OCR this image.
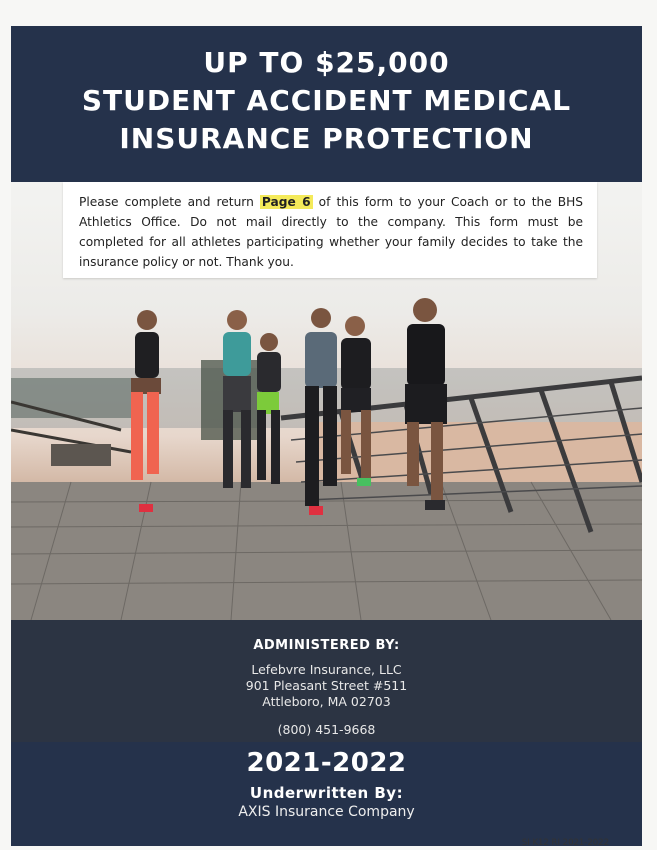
UP TO $25,000
STUDENT ACCIDENT MEDICAL
INSURANCE PROTECTION

Please complete and return Page 6 of this form to your Coach or to the BHS Athletics Office. Do not mail directly to the company. This form must be completed for all athletes participating whether your family decides to take the insurance policy or not. Thank you.

ADMINISTERED BY:
Lefebvre Insurance, LLC
901 Pleasant Street #511
Attleboro, MA 02703
(800) 451-9668
2021-2022
Underwritten By:
AXIS Insurance Company
SI K12 RI 2021-2022
